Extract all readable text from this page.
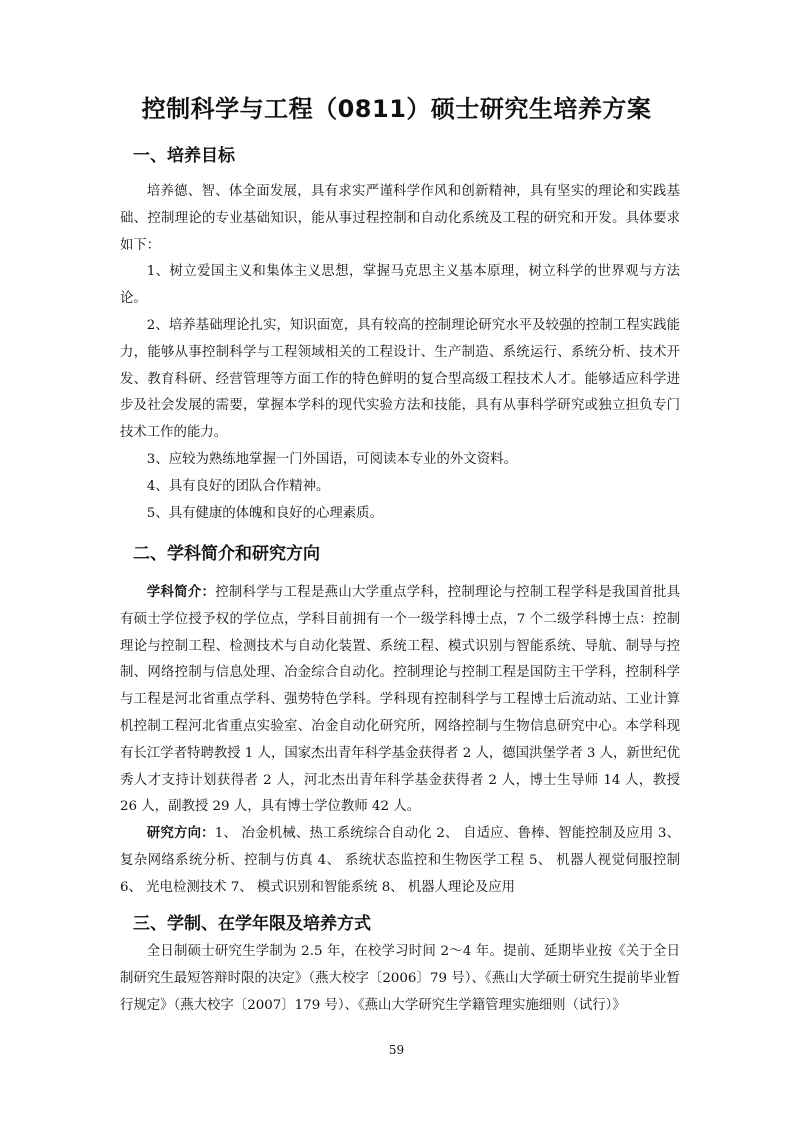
控制科学与工程（0811）硕士研究生培养方案
一、培养目标

培养德、智、体全面发展，具有求实严谨科学作风和创新精神，具有坚实的理论和实践基础、控制理论的专业基础知识，能从事过程控制和自动化系统及工程的研究和开发。具体要求如下：

1、树立爱国主义和集体主义思想，掌握马克思主义基本原理，树立科学的世界观与方法论。

2、培养基础理论扎实，知识面宽，具有较高的控制理论研究水平及较强的控制工程实践能力，能够从事控制科学与工程领域相关的工程设计、生产制造、系统运行、系统分析、技术开发、教育科研、经营管理等方面工作的特色鲜明的复合型高级工程技术人才。能够适应科学进步及社会发展的需要，掌握本学科的现代实验方法和技能，具有从事科学研究或独立担负专门技术工作的能力。

3、应较为熟练地掌握一门外国语，可阅读本专业的外文资料。

4、具有良好的团队合作精神。

5、具有健康的体魄和良好的心理素质。

二、学科简介和研究方向

学科简介：控制科学与工程是燕山大学重点学科，控制理论与控制工程学科是我国首批具有硕士学位授予权的学位点，学科目前拥有一个一级学科博士点，7 个二级学科博士点：控制理论与控制工程、检测技术与自动化装置、系统工程、模式识别与智能系统、导航、制导与控制、网络控制与信息处理、冶金综合自动化。控制理论与控制工程是国防主干学科，控制科学与工程是河北省重点学科、强势特色学科。学科现有控制科学与工程博士后流动站、工业计算机控制工程河北省重点实验室、冶金自动化研究所，网络控制与生物信息研究中心。本学科现有长江学者特聘教授 1 人，国家杰出青年科学基金获得者 2 人，德国洪堡学者 3 人，新世纪优秀人才支持计划获得者 2 人，河北杰出青年科学基金获得者 2 人，博士生导师 14 人，教授 26 人，副教授 29 人，具有博士学位教师 42 人。

研究方向：1、 冶金机械、热工系统综合自动化 2、 自适应、鲁棒、智能控制及应用 3、 复杂网络系统分析、控制与仿真 4、 系统状态监控和生物医学工程 5、 机器人视觉伺服控制 6、 光电检测技术 7、 模式识别和智能系统 8、 机器人理论及应用

三、学制、在学年限及培养方式

全日制硕士研究生学制为 2.5 年，在校学习时间 2～4 年。提前、延期毕业按《关于全日制研究生最短答辩时限的决定》（燕大校字〔2006〕79 号）、《燕山大学硕士研究生提前毕业暂行规定》（燕大校字〔2007〕179 号）、《燕山大学研究生学籍管理实施细则（试行）》

59
